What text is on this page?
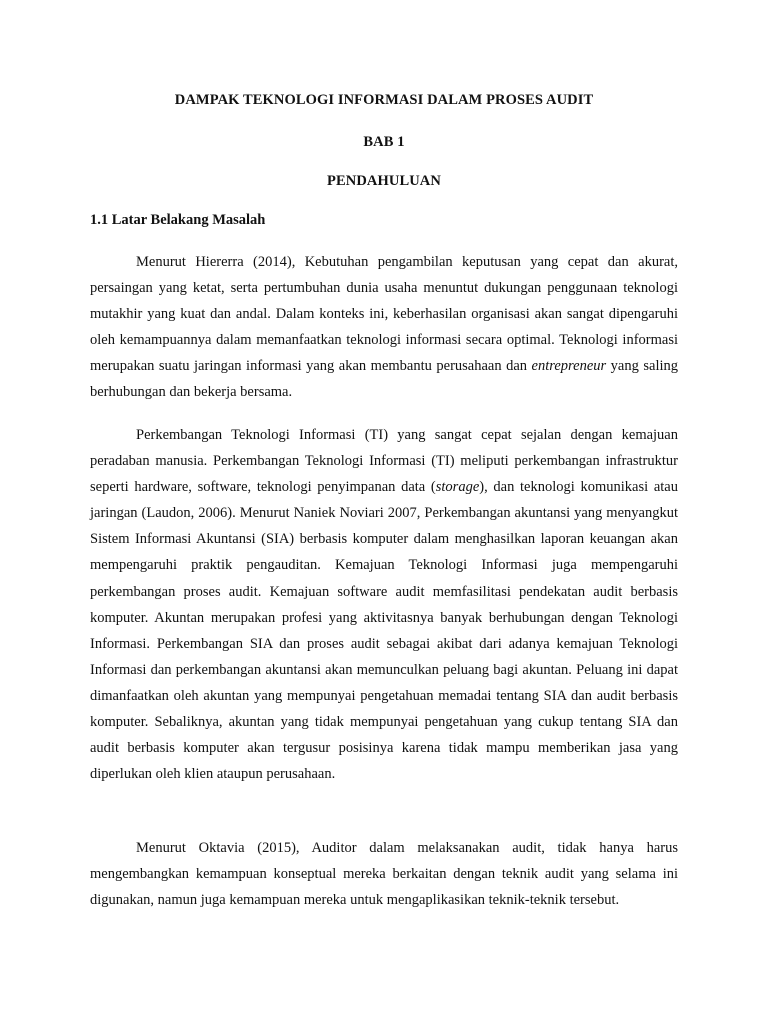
DAMPAK TEKNOLOGI INFORMASI DALAM PROSES AUDIT
BAB 1
PENDAHULUAN
1.1 Latar Belakang Masalah

Menurut Hiererra (2014), Kebutuhan pengambilan keputusan yang cepat dan akurat, persaingan yang ketat, serta pertumbuhan dunia usaha menuntut dukungan penggunaan teknologi mutakhir yang kuat dan andal. Dalam konteks ini, keberhasilan organisasi akan sangat dipengaruhi oleh kemampuannya dalam memanfaatkan teknologi informasi secara optimal. Teknologi informasi merupakan suatu jaringan informasi yang akan membantu perusahaan dan entrepreneur yang saling berhubungan dan bekerja bersama.

Perkembangan Teknologi Informasi (TI) yang sangat cepat sejalan dengan kemajuan peradaban manusia. Perkembangan Teknologi Informasi (TI) meliputi perkembangan infrastruktur seperti hardware, software, teknologi penyimpanan data (storage), dan teknologi komunikasi atau jaringan (Laudon, 2006). Menurut Naniek Noviari 2007, Perkembangan akuntansi yang menyangkut Sistem Informasi Akuntansi (SIA) berbasis komputer dalam menghasilkan laporan keuangan akan mempengaruhi praktik pengauditan. Kemajuan Teknologi Informasi juga mempengaruhi perkembangan proses audit. Kemajuan software audit memfasilitasi pendekatan audit berbasis komputer. Akuntan merupakan profesi yang aktivitasnya banyak berhubungan dengan Teknologi Informasi. Perkembangan SIA dan proses audit sebagai akibat dari adanya kemajuan Teknologi Informasi dan perkembangan akuntansi akan memunculkan peluang bagi akuntan. Peluang ini dapat dimanfaatkan oleh akuntan yang mempunyai pengetahuan memadai tentang SIA dan audit berbasis komputer. Sebaliknya, akuntan yang tidak mempunyai pengetahuan yang cukup tentang SIA dan audit berbasis komputer akan tergusur posisinya karena tidak mampu memberikan jasa yang diperlukan oleh klien ataupun perusahaan.

Menurut Oktavia (2015), Auditor dalam melaksanakan audit, tidak hanya harus mengembangkan kemampuan konseptual mereka berkaitan dengan teknik audit yang selama ini digunakan, namun juga kemampuan mereka untuk mengaplikasikan teknik-teknik tersebut.
